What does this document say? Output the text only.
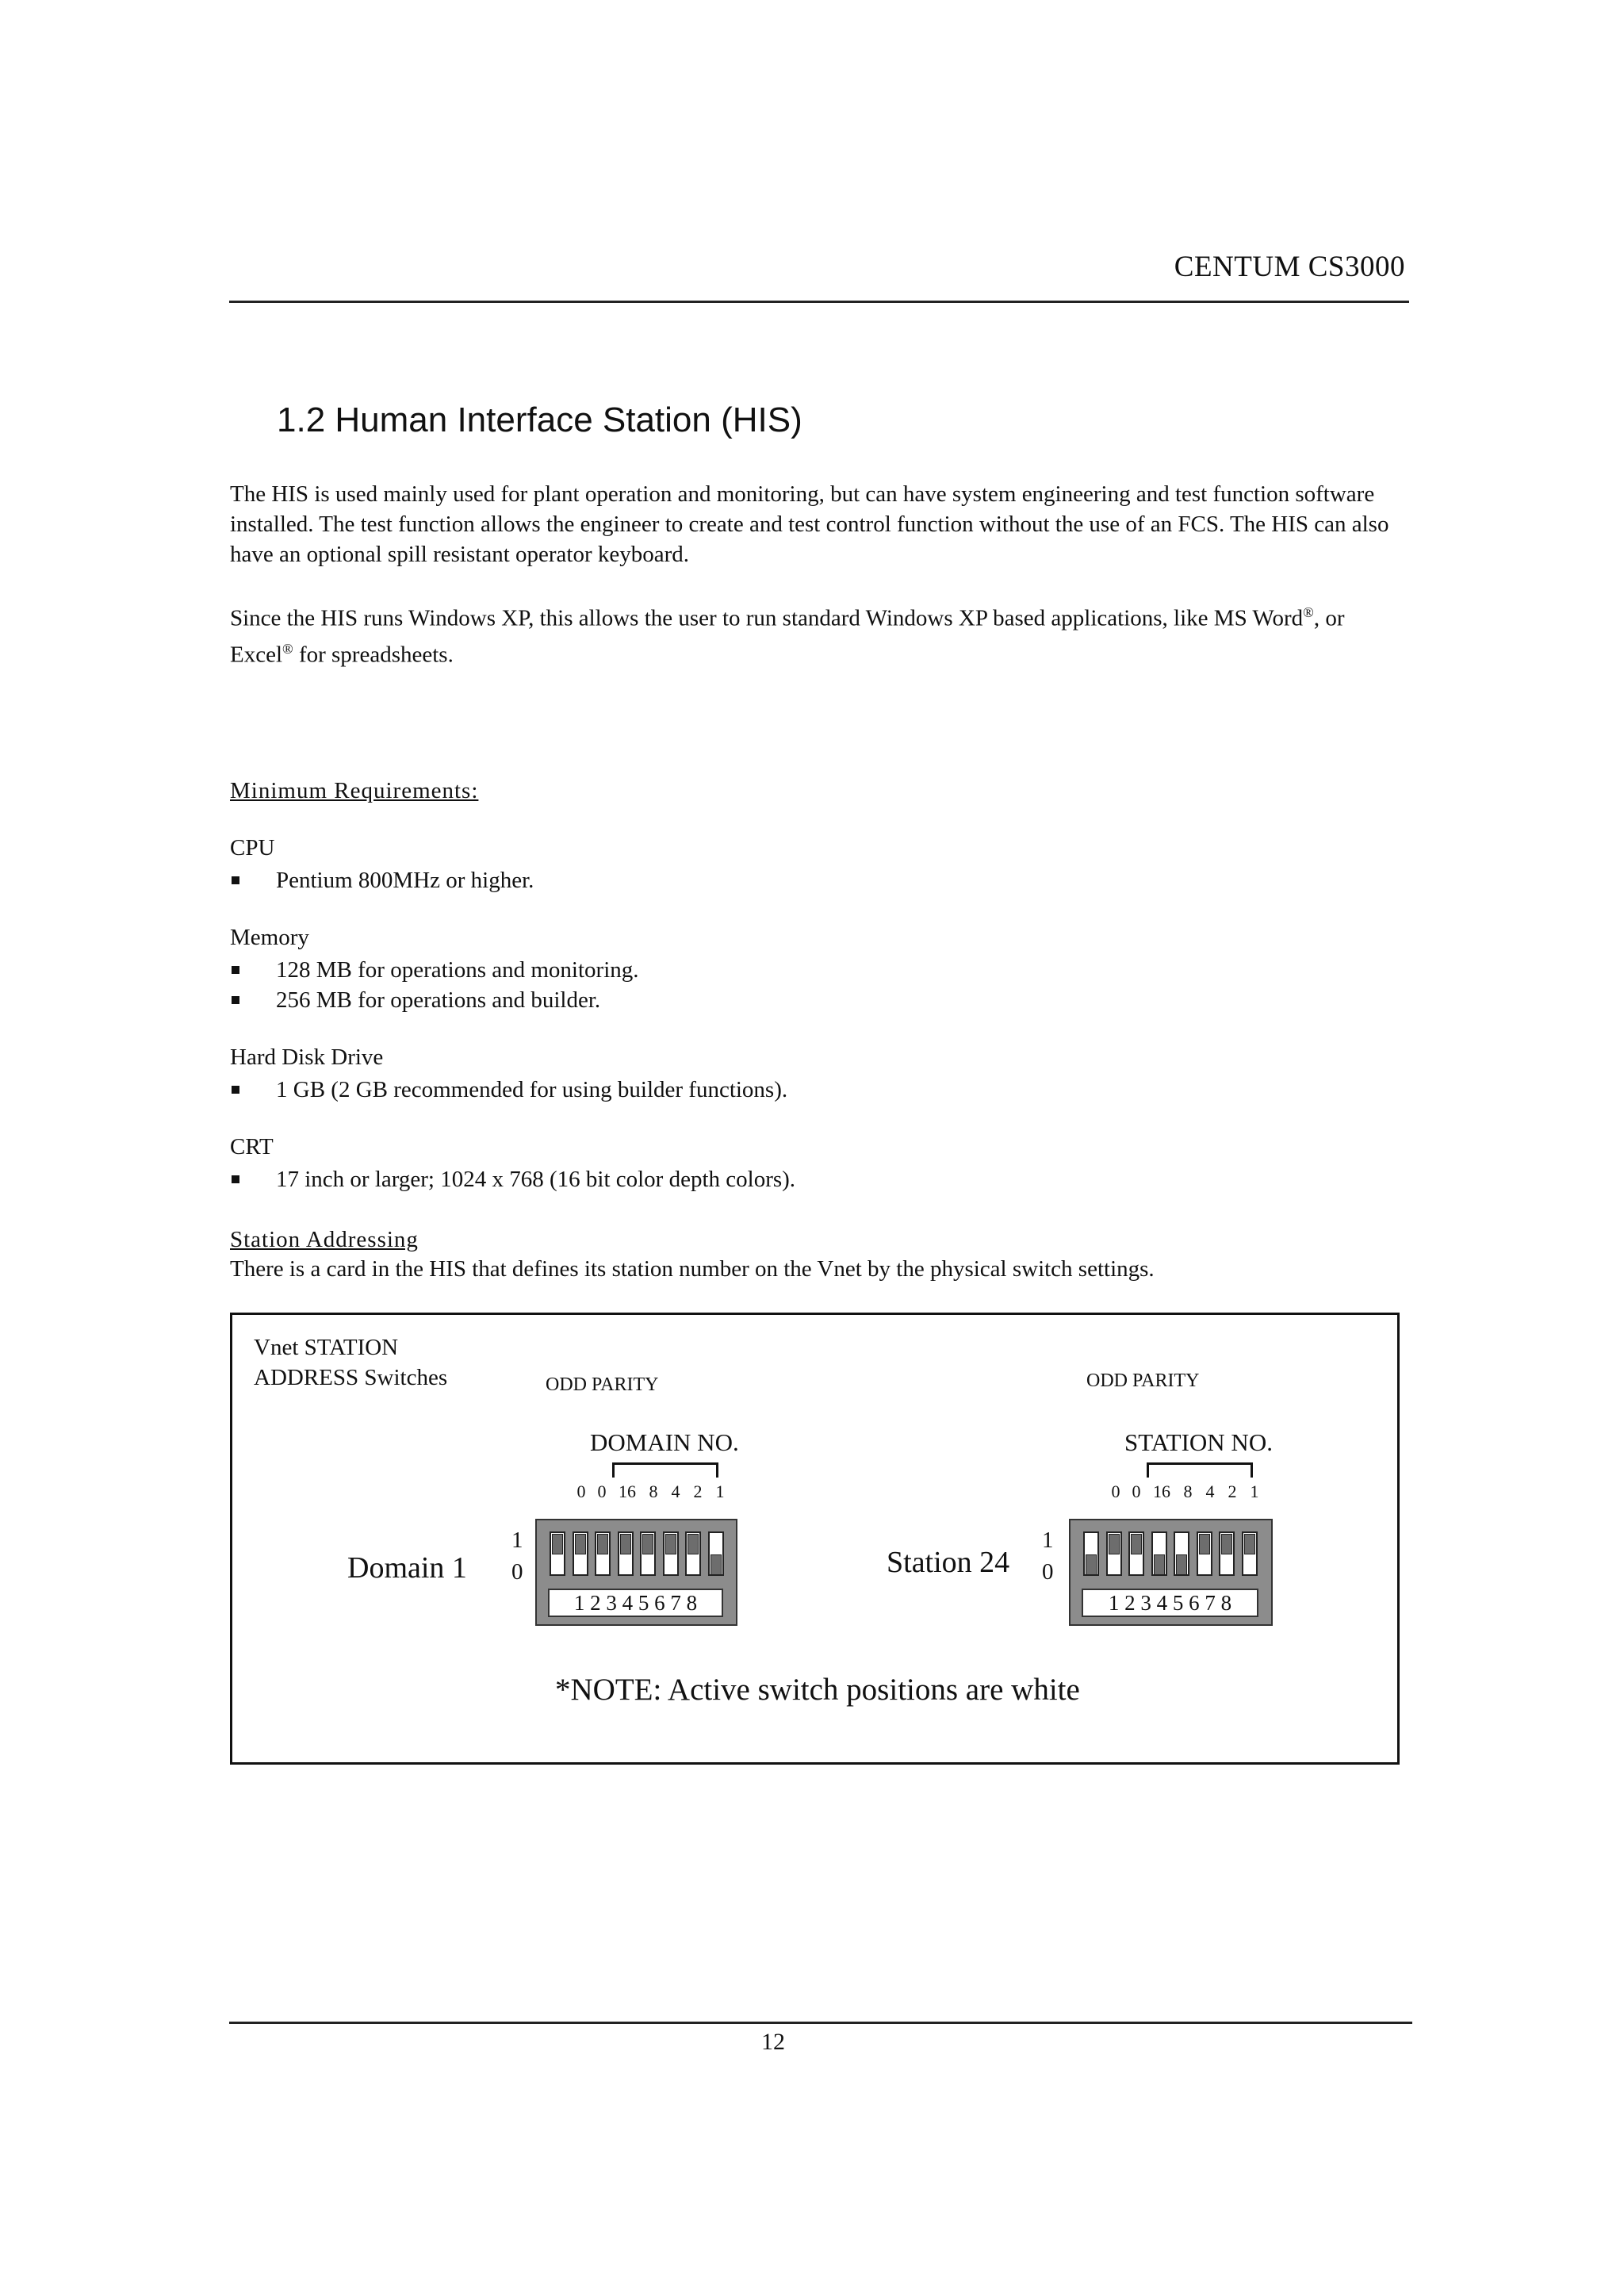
CENTUM CS3000
1.2 Human Interface Station (HIS)

The HIS is used mainly used for plant operation and monitoring, but can have system engineering and test function software installed. The test function allows the engineer to create and test control function without the use of an FCS. The HIS can also have an optional spill resistant operator keyboard.

Since the HIS runs Windows XP, this allows the user to run standard Windows XP based applications, like MS Word®, or Excel® for spreadsheets.

Minimum Requirements:
CPU
Pentium 800MHz or higher.
Memory
128 MB for operations and monitoring.
256 MB for operations and builder.
Hard Disk Drive
1 GB (2 GB recommended for using builder functions).
CRT
17 inch or larger; 1024 x 768 (16 bit color depth colors).
Station Addressing
There is a card in the HIS that defines its station number on the Vnet by the physical switch settings.
Vnet STATION
ADDRESS Switches	ODD PARITY
DOMAIN NO.
0 0 16 8 4 2 1
1
0
Domain 1
1 2 3 4 5 6 7 8
ODD PARITY
STATION NO.
0 0 16 8 4 2 1
1
0
Station 24
1 2 3 4 5 6 7 8
*NOTE: Active switch positions are white
12
